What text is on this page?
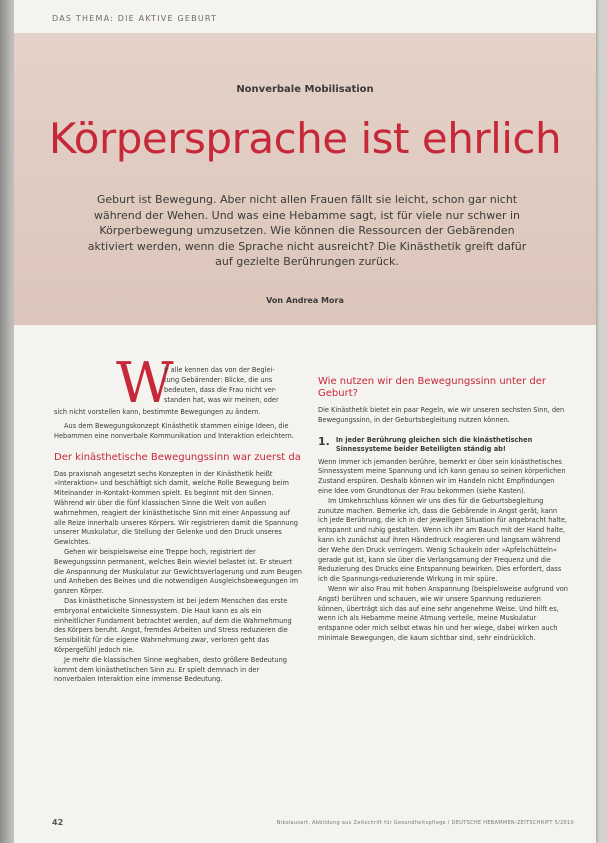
DAS THEMA: DIE AKTIVE GEBURT
Nonverbale Mobilisation
Körpersprache ist ehrlich
Geburt ist Bewegung. Aber nicht allen Frauen fällt sie leicht, schon gar nicht während der Wehen. Und was eine Hebamme sagt, ist für viele nur schwer in Körperbewegung umzusetzen. Wie können die Ressourcen der Gebärenden aktiviert werden, wenn die Sprache nicht ausreicht? Die Kinästhetik greift dafür auf gezielte Berührungen zurück.
Von Andrea Mora
W
ir alle kennen das von der Beglei-
tung Gebärender: Blicke, die uns
bedeuten, dass die Frau nicht ver-
standen hat, was wir meinen, oder
sich nicht vorstellen kann, bestimmte Bewegungen zu ändern.

Aus dem Bewegungskonzept Kinästhetik stammen einige Ideen, die Hebammen eine nonverbale Kommunikation und Interaktion erleichtern.

Der kinästhetische Bewegungssinn war zuerst da

Das praxisnah angesetzt sechs Konzepten in der Kinästhetik heißt »Interaktion« und beschäftigt sich damit, welche Rolle Bewegung beim Miteinander in-Kontakt-kommen spielt. Es beginnt mit den Sinnen. Während wir über die fünf klassischen Sinne die Welt von außen wahrnehmen, reagiert der kinästhetische Sinn mit einer Anpassung auf alle Reize innerhalb unseres Körpers. Wir registrieren damit die Spannung unserer Muskulatur, die Stellung der Gelenke und den Druck unseres Gewichtes.

Gehen wir beispielsweise eine Treppe hoch, registriert der Bewegungssinn permanent, welches Bein wieviel belastet ist. Er steuert die Anspannung der Muskulatur zur Gewichtsverlagerung und zum Beugen und Anheben des Beines und die notwendigen Ausgleichsbewegungen im ganzen Körper.

Das kinästhetische Sinnessystem ist bei jedem Menschen das erste embryonal entwickelte Sinnessystem. Die Haut kann es als ein einheitlicher Fundament betrachtet werden, auf dem die Wahrnehmung des Körpers beruht. Angst, fremdes Arbeiten und Stress reduzieren die Sensibilität für die eigene Wahrnehmung zwar, verloren geht das Körpergefühl jedoch nie.

Je mehr die klassischen Sinne weghaben, desto größere Bedeutung kommt dem kinästhetischen Sinn zu. Er spielt demnach in der nonverbalen Interaktion eine immense Bedeutung.

Wie nutzen wir den Bewegungssinn unter der Geburt?

Die Kinästhetik bietet ein paar Regeln, wie wir unseren sechsten Sinn, den Bewegungssinn, in der Geburtsbegleitung nutzen können.

1. In jeder Berührung gleichen sich die kinästhetischen Sinnessysteme beider Beteiligten ständig ab!

Wenn immer ich jemanden berühre, bemerkt er über sein kinästhetisches Sinnessystem meine Spannung und ich kann genau so seinen körperlichen Zustand erspüren. Deshalb können wir im Handeln nicht Empfindungen eine Idee vom Grundtonus der Frau bekommen (siehe Kasten).

Im Umkehrschluss können wir uns dies für die Geburtsbegleitung zunutze machen. Bemerke ich, dass die Gebärende in Angst gerät, kann ich jede Berührung, die ich in der jeweiligen Situation für angebracht halte, entspannt und ruhig gestalten. Wenn ich ihr am Bauch mit der Hand halte, kann ich zunächst auf ihren Händedruck reagieren und langsam während der Wehe den Druck verringern. Wenig Schaukeln oder »Apfelschütteln« gerade gut ist, kann sie über die Verlangsamung der Frequenz und die Reduzierung des Drucks eine Entspannung bewirken. Dies erfordert, dass ich die Spannungs-reduzierende Wirkung in mir spüre.

Wenn wir also Frau mit hohen Anspannung (beispielsweise aufgrund von Angst) berühren und schauen, wie wir unsere Spannung reduzieren können, überträgt sich das auf eine sehr angenehme Weise. Und hilft es, wenn ich als Hebamme meine Atmung verteile, meine Muskulatur entspanne oder mich selbst etwas hin und her wiege, dabei wirken auch minimale Bewegungen, die kaum sichtbar sind, sehr eindrücklich.

42	Nikolausart, Abbildung aus Zeitschrift für Gesundheitspflege / DEUTSCHE HEBAMMEN-ZEITSCHRIFT 5/2010
